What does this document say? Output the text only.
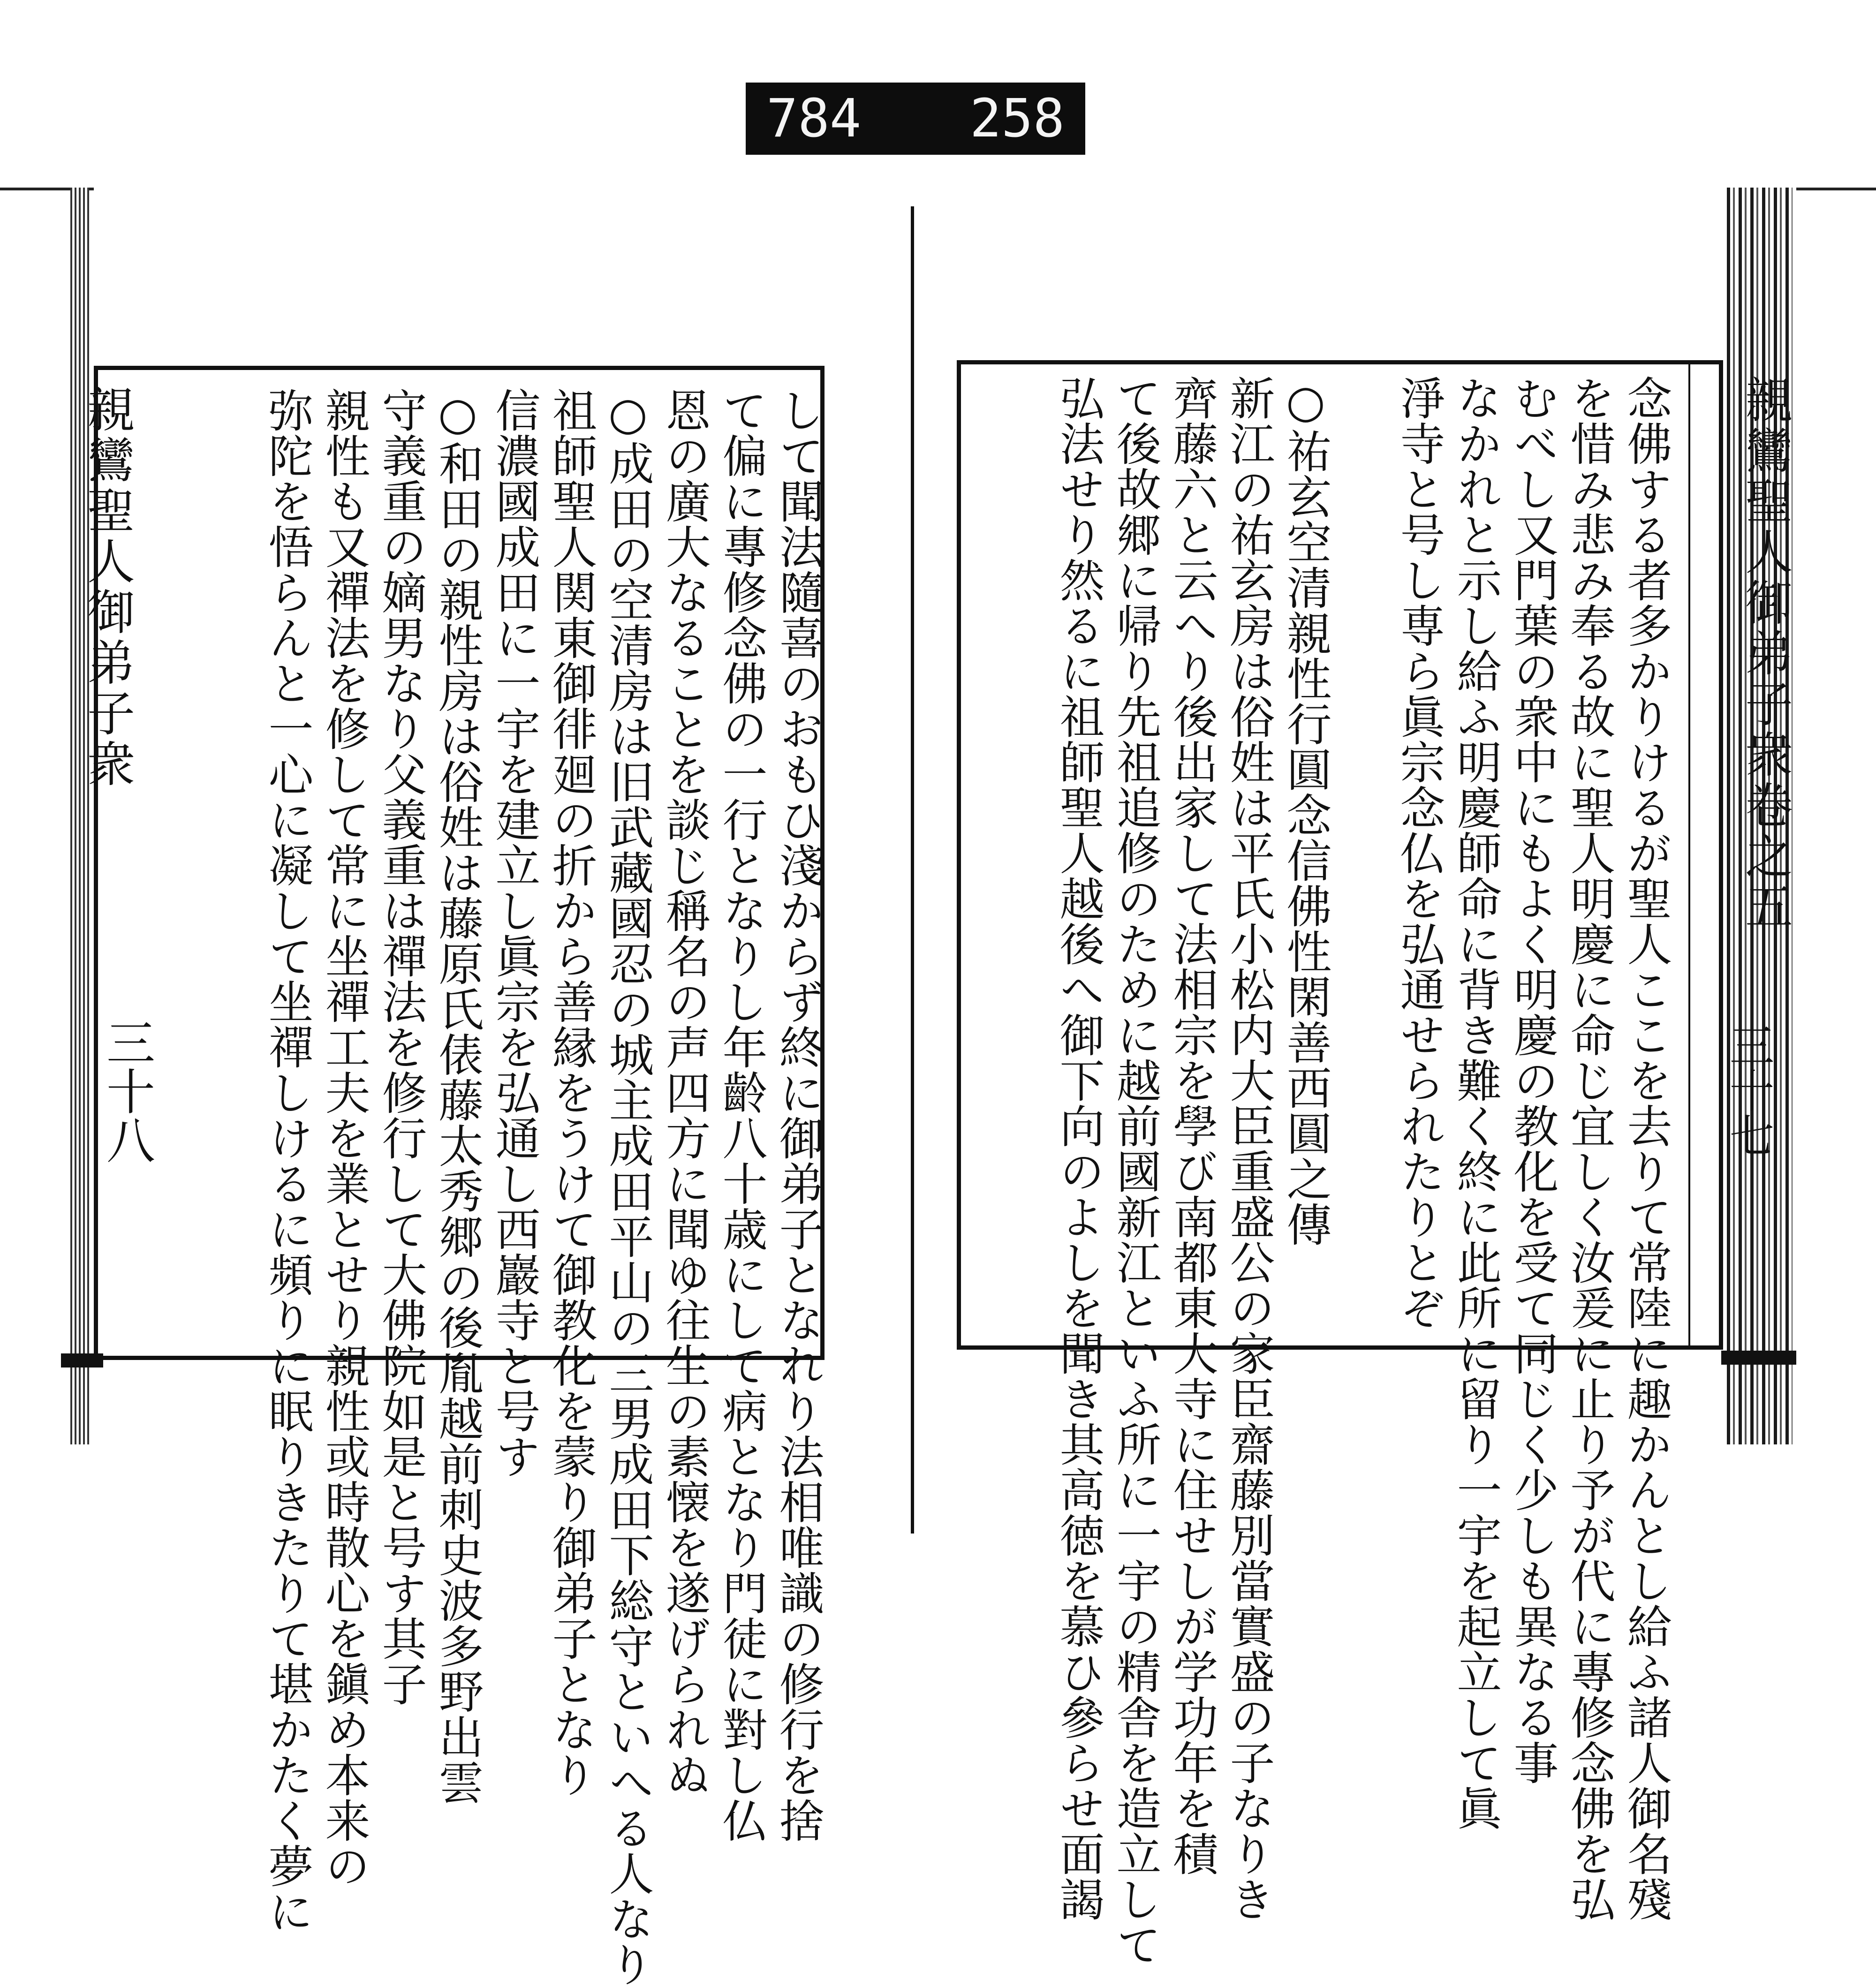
784 258
親鸞聖人御弟子衆
三十八	して聞法隨喜のおもひ淺からず終に御弟子となれり法相唯識の修行を捨
て偏に專修念佛の一行となりし年齡八十歳にして病となり門徒に對し仏
恩の廣大なることを談じ稱名の声四方に聞ゆ往生の素懐を遂げられぬ
○成田の空清房は旧武藏國忍の城主成田平山の三男成田下総守といへる人なり
祖師聖人関東御徘廻の折から善縁をうけて御教化を蒙り御弟子となり
信濃國成田に一宇を建立し眞宗を弘通し西巖寺と号す
○和田の親性房は俗姓は藤原氏俵藤太秀郷の後胤越前刺史波多野出雲
守義重の嫡男なり父義重は禪法を修行して大佛院如是と号す其子
親性も又禪法を修して常に坐禪工夫を業とせり親性或時散心を鎭め本来の
弥陀を悟らんと一心に凝して坐禪しけるに頻りに眠りきたりて堪かたく夢に	親鸞聖人御弟子衆卷之五
三十七
念佛する者多かりけるが聖人ここを去りて常陸に趣かんとし給ふ諸人御名殘
を惜み悲み奉る故に聖人明慶に命じ宜しく汝爰に止り予が代に專修念佛を弘
むべし又門葉の衆中にもよく明慶の教化を受て同じく少しも異なる事
なかれと示し給ふ明慶師命に背き難く終に此所に留り一宇を起立して眞
淨寺と号し専ら眞宗念仏を弘通せられたりとぞ
○祐玄空清親性行圓念信佛性閑善西圓之傳
新江の祐玄房は俗姓は平氏小松内大臣重盛公の家臣齋藤別當實盛の子なりき
齊藤六と云へり後出家して法相宗を學び南都東大寺に住せしが学功年を積
て後故郷に帰り先祖追修のために越前國新江といふ所に一宇の精舎を造立して
弘法せり然るに祖師聖人越後へ御下向のよしを聞き其高徳を慕ひ參らせ面謁
